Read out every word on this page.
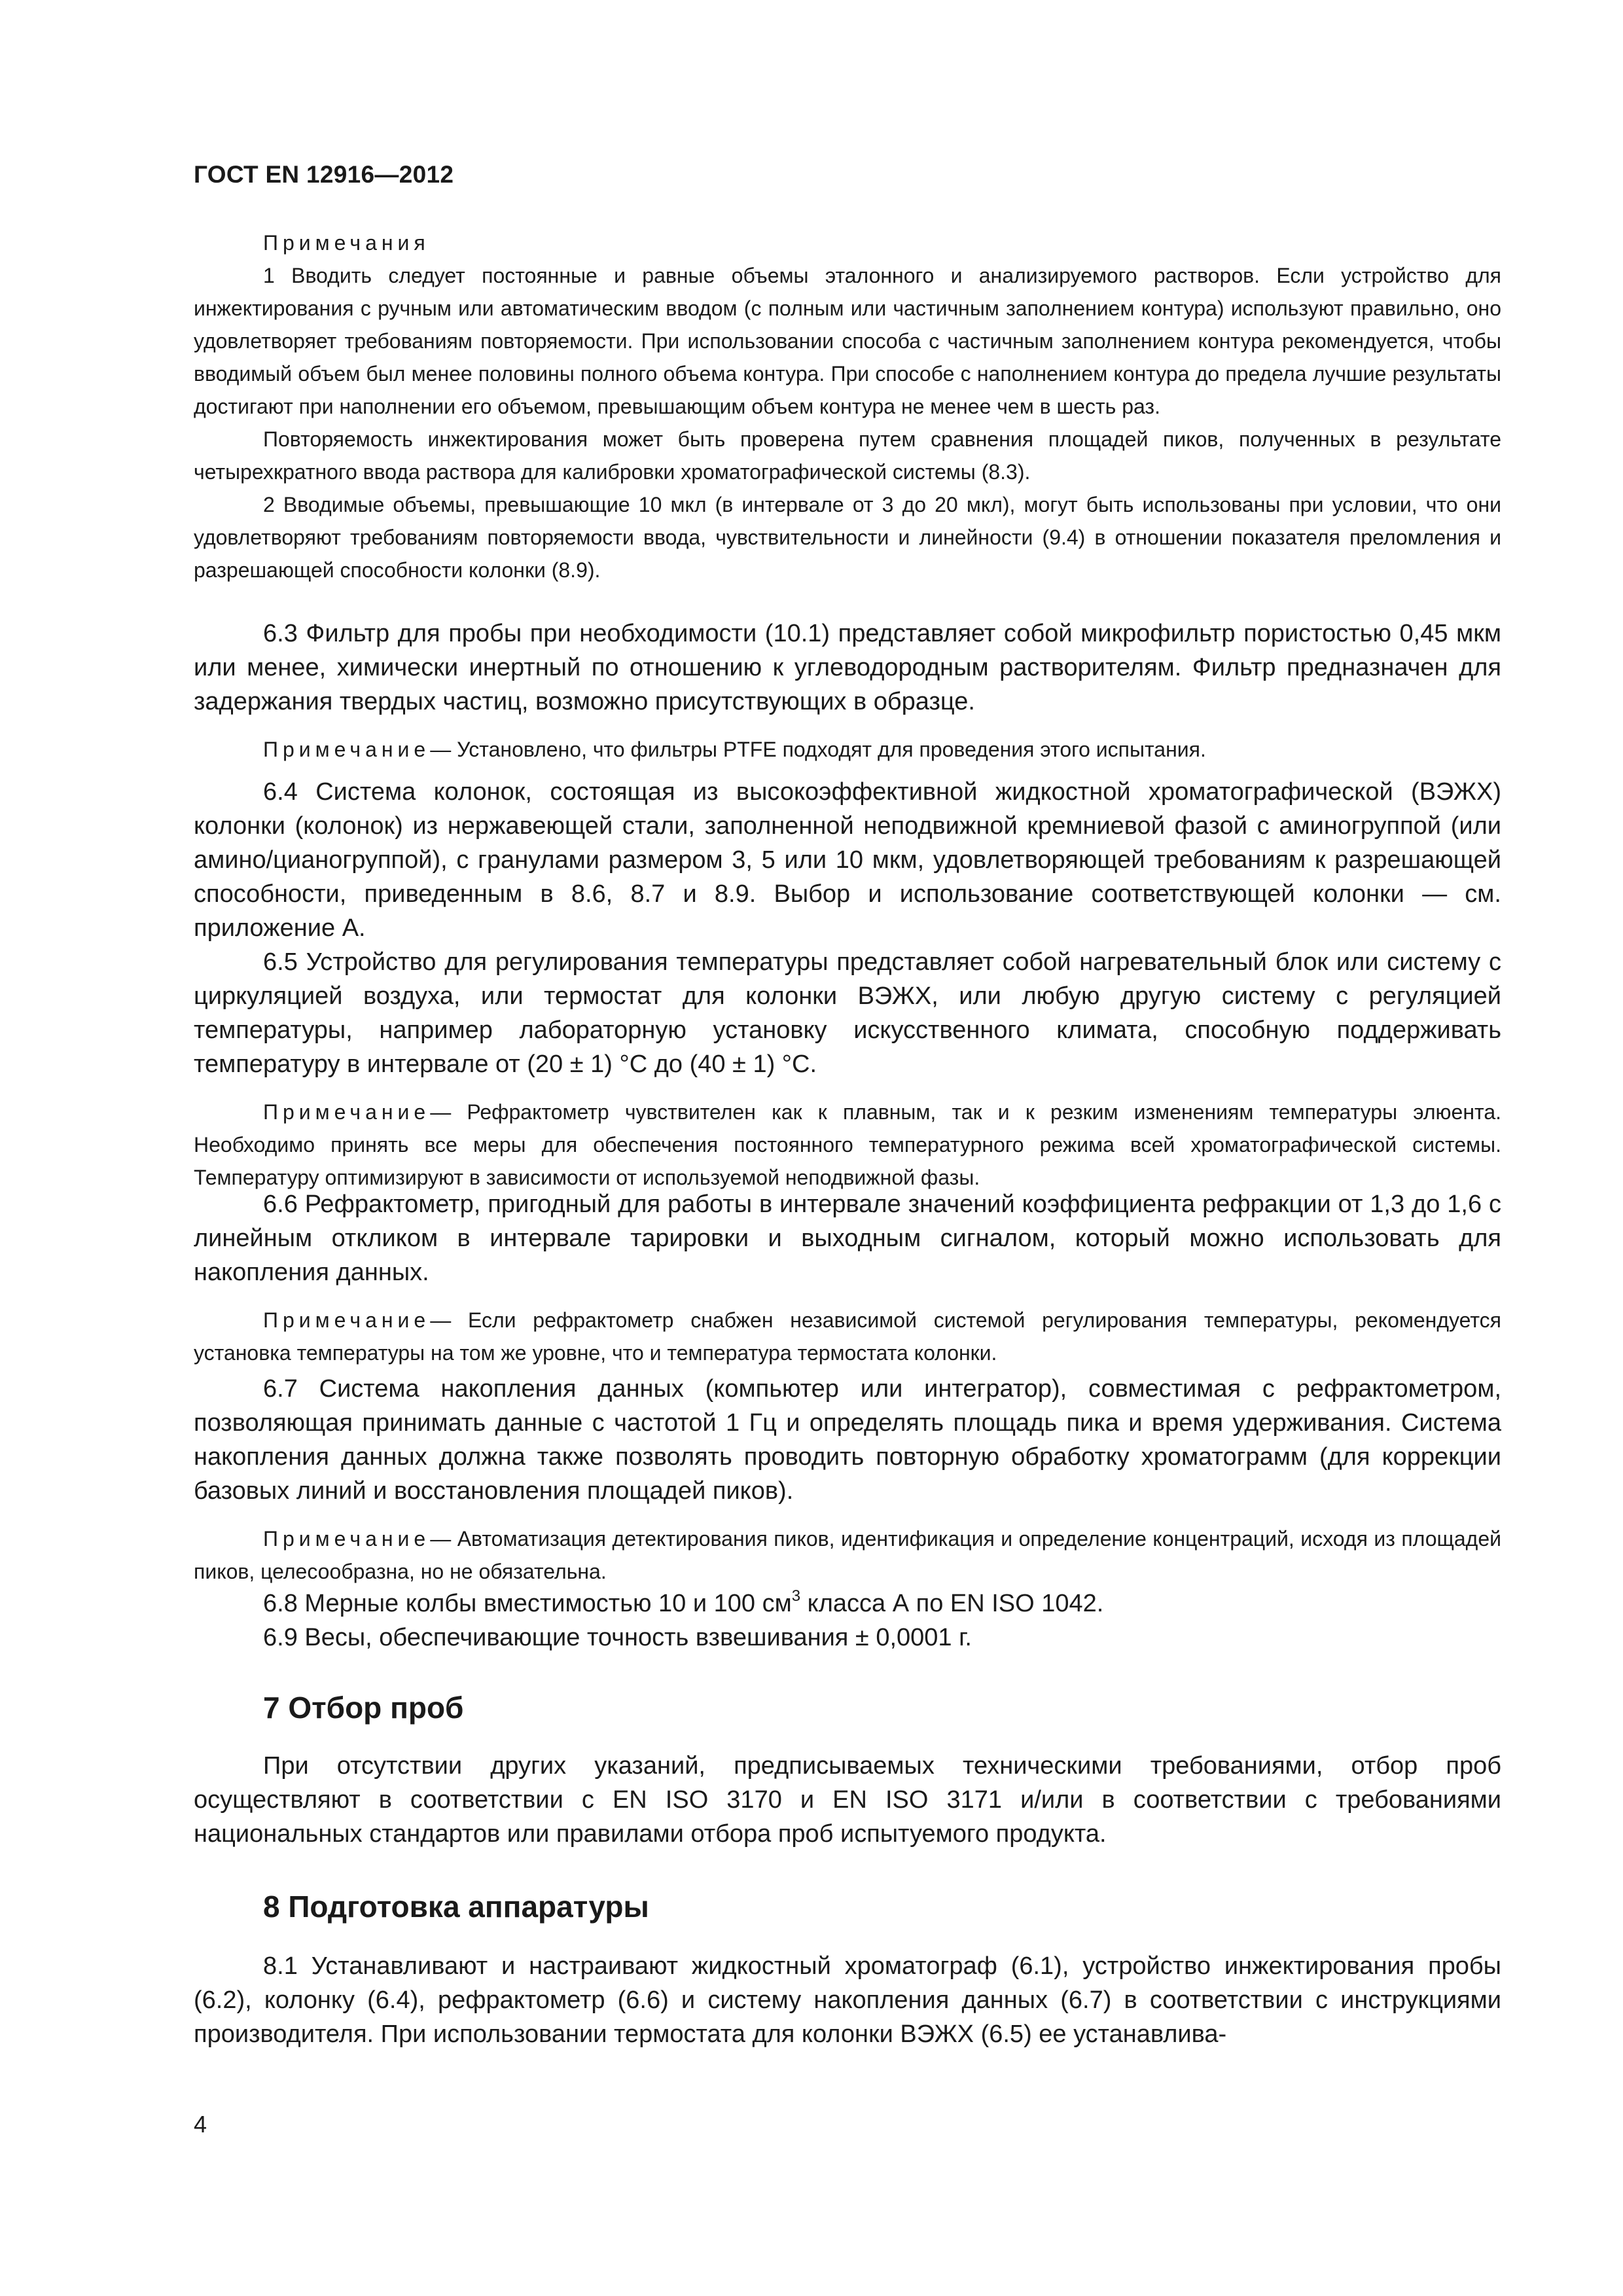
ГОСТ EN 12916—2012

Примечания

1 Вводить следует постоянные и равные объемы эталонного и анализируемого растворов. Если устройство для инжектирования с ручным или автоматическим вводом (с полным или частичным заполнением контура) используют правильно, оно удовлетворяет требованиям повторяемости. При использовании способа с частичным заполнением контура рекомендуется, чтобы вводимый объем был менее половины полного объема контура. При способе с наполнением контура до предела лучшие результаты достигают при наполнении его объемом, превышающим объем контура не менее чем в шесть раз.

Повторяемость инжектирования может быть проверена путем сравнения площадей пиков, полученных в результате четырехкратного ввода раствора для калибровки хроматографической системы (8.3).

2 Вводимые объемы, превышающие 10 мкл (в интервале от 3 до 20 мкл), могут быть использованы при условии, что они удовлетворяют требованиям повторяемости ввода, чувствительности и линейности (9.4) в отношении показателя преломления и разрешающей способности колонки (8.9).

6.3 Фильтр для пробы при необходимости (10.1) представляет собой микрофильтр пористостью 0,45 мкм или менее, химически инертный по отношению к углеводородным растворителям. Фильтр предназначен для задержания твердых частиц, возможно присутствующих в образце.

Примечание— Установлено, что фильтры PTFE подходят для проведения этого испытания.

6.4 Система колонок, состоящая из высокоэффективной жидкостной хроматографической (ВЭЖХ) колонки (колонок) из нержавеющей стали, заполненной неподвижной кремниевой фазой с аминогруппой (или амино/цианогруппой), с гранулами размером 3, 5 или 10 мкм, удовлетворяющей требованиям к разрешающей способности, приведенным в 8.6, 8.7 и 8.9. Выбор и использование соответствующей колонки — см. приложение А.

6.5 Устройство для регулирования температуры представляет собой нагревательный блок или систему с циркуляцией воздуха, или термостат для колонки ВЭЖХ, или любую другую систему с регуляцией температуры, например лабораторную установку искусственного климата, способную поддерживать температуру в интервале от (20 ± 1) °С до (40 ± 1) °С.

Примечание— Рефрактометр чувствителен как к плавным, так и к резким изменениям температуры элюента. Необходимо принять все меры для обеспечения постоянного температурного режима всей хроматографической системы. Температуру оптимизируют в зависимости от используемой неподвижной фазы.

6.6 Рефрактометр, пригодный для работы в интервале значений коэффициента рефракции от 1,3 до 1,6 с линейным откликом в интервале тарировки и выходным сигналом, который можно использовать для накопления данных.

Примечание— Если рефрактометр снабжен независимой системой регулирования температуры, рекомендуется установка температуры на том же уровне, что и температура термостата колонки.

6.7 Система накопления данных (компьютер или интегратор), совместимая с рефрактометром, позволяющая принимать данные с частотой 1 Гц и определять площадь пика и время удерживания. Система накопления данных должна также позволять проводить повторную обработку хроматограмм (для коррекции базовых линий и восстановления площадей пиков).

Примечание— Автоматизация детектирования пиков, идентификация и определение концентраций, исходя из площадей пиков, целесообразна, но не обязательна.

6.8 Мерные колбы вместимостью 10 и 100 $см^3$ класса А по EN ISO 1042.

6.9 Весы, обеспечивающие точность взвешивания ± 0,0001 г.

7 Отбор проб

При отсутствии других указаний, предписываемых техническими требованиями, отбор проб осуществляют в соответствии с EN ISO 3170 и EN ISO 3171 и/или в соответствии с требованиями национальных стандартов или правилами отбора проб испытуемого продукта.

8 Подготовка аппаратуры

8.1 Устанавливают и настраивают жидкостный хроматограф (6.1), устройство инжектирования пробы (6.2), колонку (6.4), рефрактометр (6.6) и систему накопления данных (6.7) в соответствии с инструкциями производителя. При использовании термостата для колонки ВЭЖХ (6.5) ее устанавлива-

4
